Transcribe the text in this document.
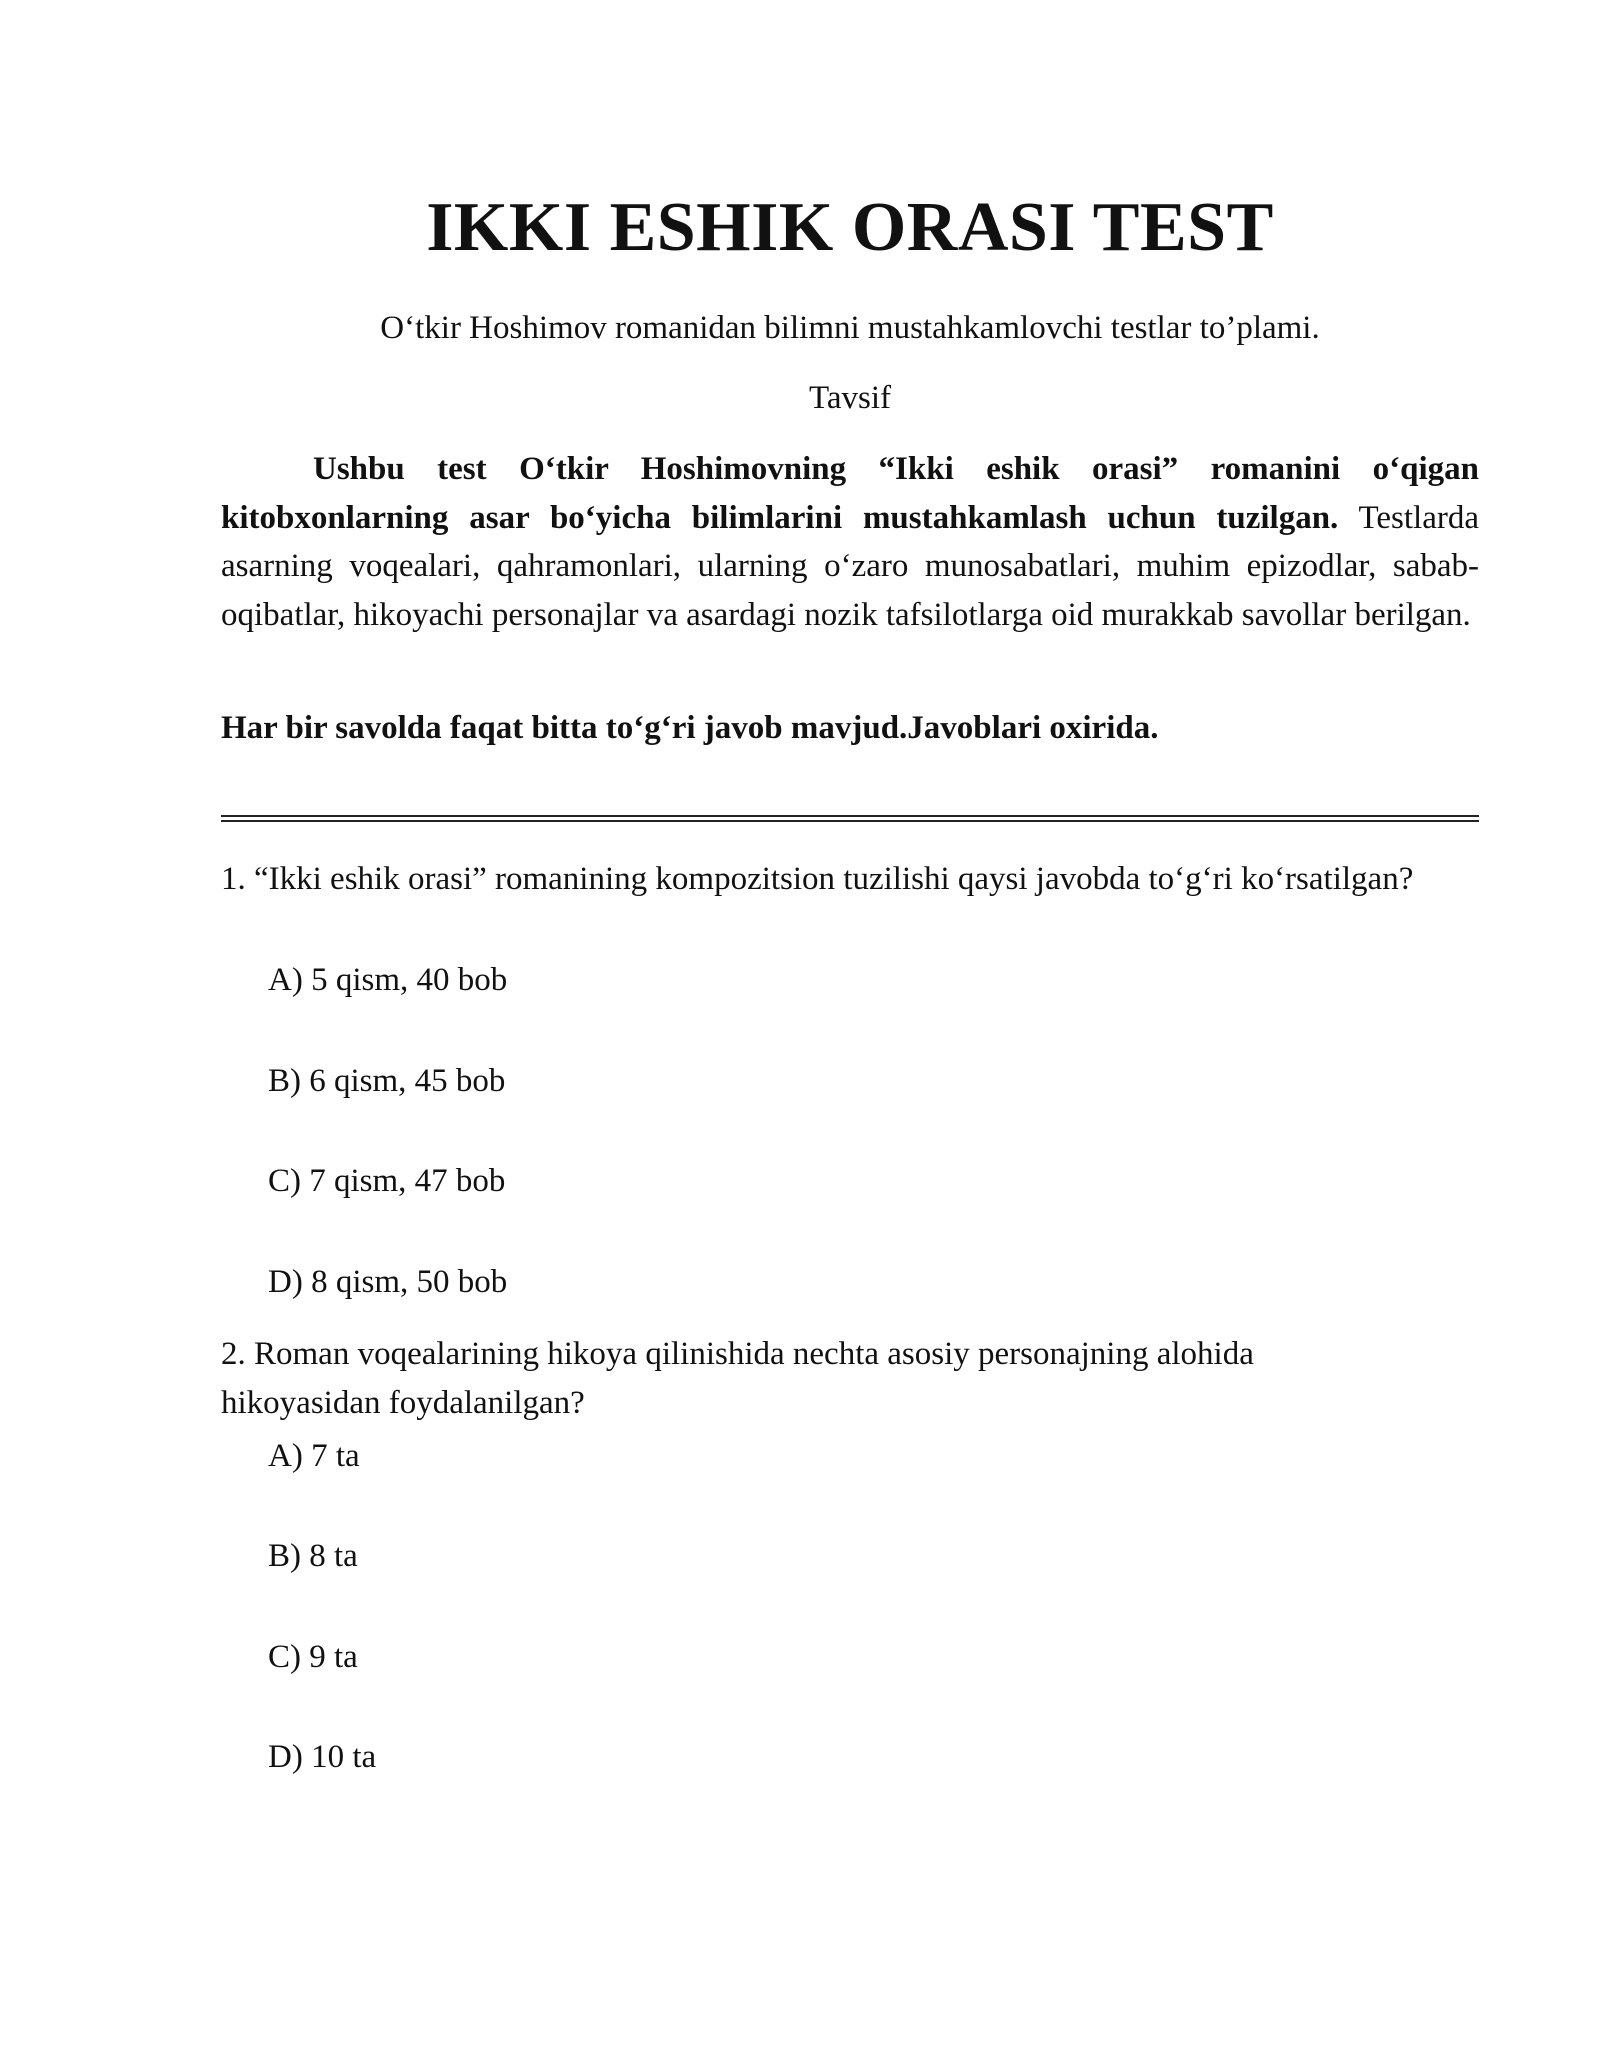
IKKI ESHIK ORASI TEST

O‘tkir Hoshimov romanidan bilimni mustahkamlovchi testlar to’plami.

Tavsif

Ushbu test O‘tkir Hoshimovning “Ikki eshik orasi” romanini o‘qigan kitobxonlarning asar bo‘yicha bilimlarini mustahkamlash uchun tuzilgan. Testlarda asarning voqealari, qahramonlari, ularning o‘zaro munosabatlari, muhim epizodlar, sabab-oqibatlar, hikoyachi personajlar va asardagi nozik tafsilotlarga oid murakkab savollar berilgan.

Har bir savolda faqat bitta to‘g‘ri javob mavjud.Javoblari oxirida.

1. “Ikki eshik orasi” romanining kompozitsion tuzilishi qaysi javobda to‘g‘ri ko‘rsatilgan?

A) 5 qism, 40 bob

B) 6 qism, 45 bob

C) 7 qism, 47 bob

D) 8 qism, 50 bob

2. Roman voqealarining hikoya qilinishida nechta asosiy personajning alohida hikoyasidan foydalanilgan?

A) 7 ta

B) 8 ta

C) 9 ta

D) 10 ta
